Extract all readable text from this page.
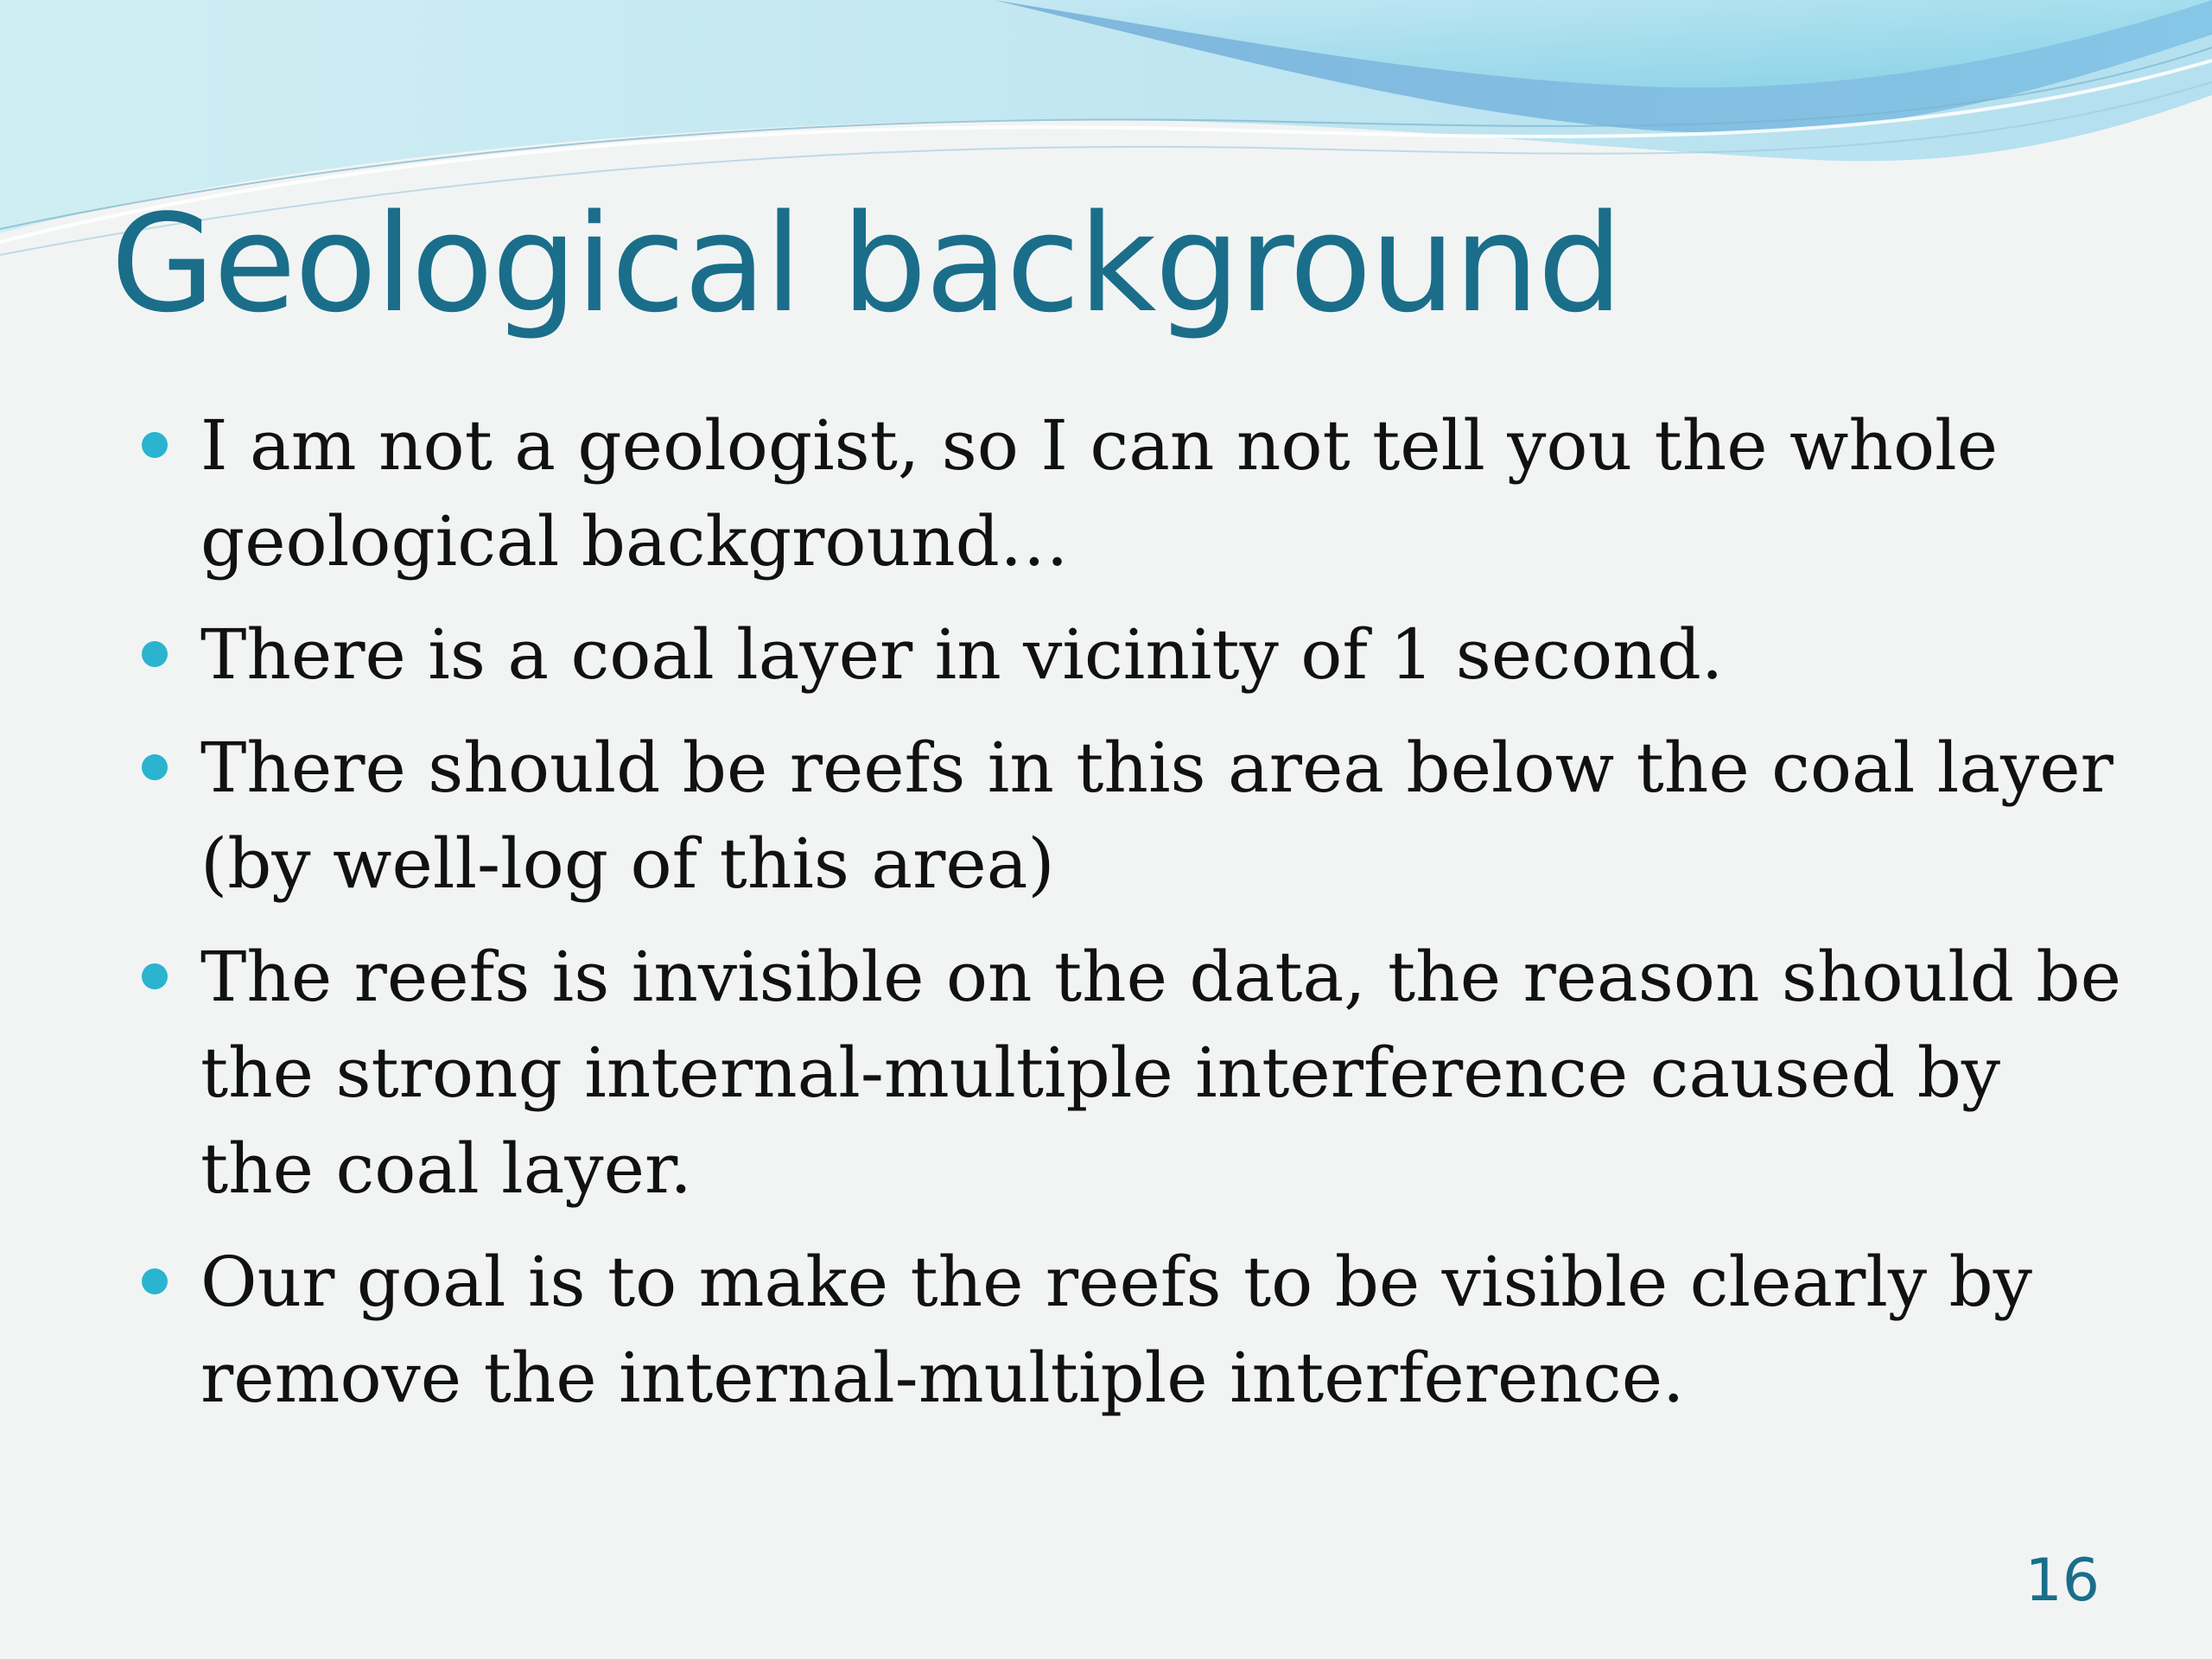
Geological background
I am not a geologist, so I can not tell you the whole geological background…
There is a coal layer in vicinity of 1 second.
There should be reefs in this area below the coal layer (by well-log of this area)
The reefs is invisible on the data, the reason should be the strong internal-multiple interference caused by the coal layer.
Our goal is to make the reefs to be visible clearly by remove the internal-multiple interference.
16
